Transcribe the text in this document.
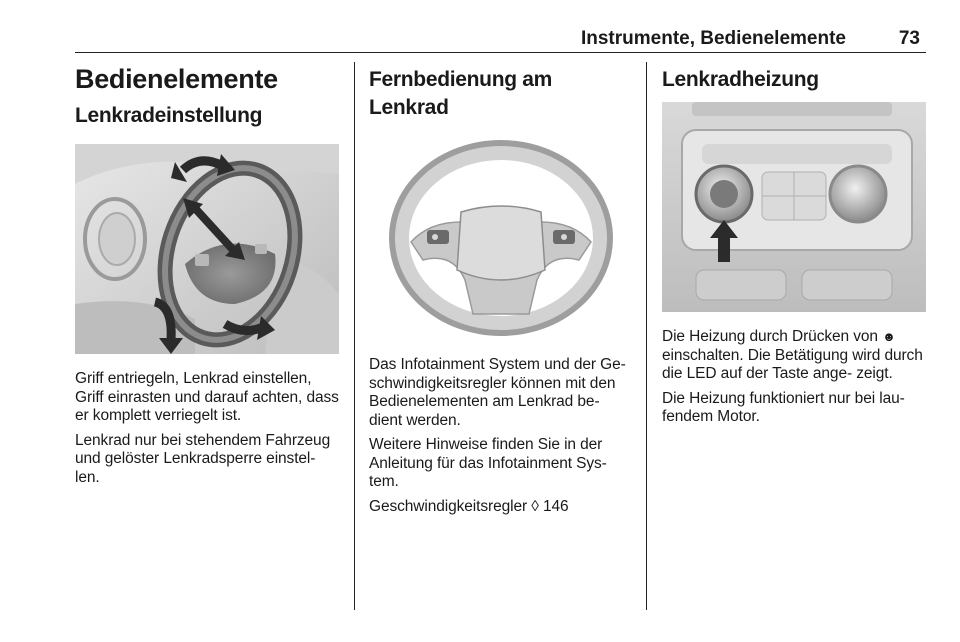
Instrumente, Bedienelemente	73
Bedienelemente
Lenkradeinstellung
Griff entriegeln, Lenkrad einstellen, Griff einrasten und darauf achten, dass er komplett verriegelt ist.
Lenkrad nur bei stehendem Fahrzeug und gelöster Lenkradsperre einstel- len.
Fernbedienung am Lenkrad
Das Infotainment System und der Ge- schwindigkeitsregler können mit den Bedienelementen am Lenkrad be- dient werden.
Weitere Hinweise finden Sie in der Anleitung für das Infotainment Sys- tem.
Geschwindigkeitsregler ◊ 146
Lenkradheizung
Die Heizung durch Drücken von ☻ einschalten. Die Betätigung wird durch die LED auf der Taste ange- zeigt.
Die Heizung funktioniert nur bei lau- fendem Motor.
